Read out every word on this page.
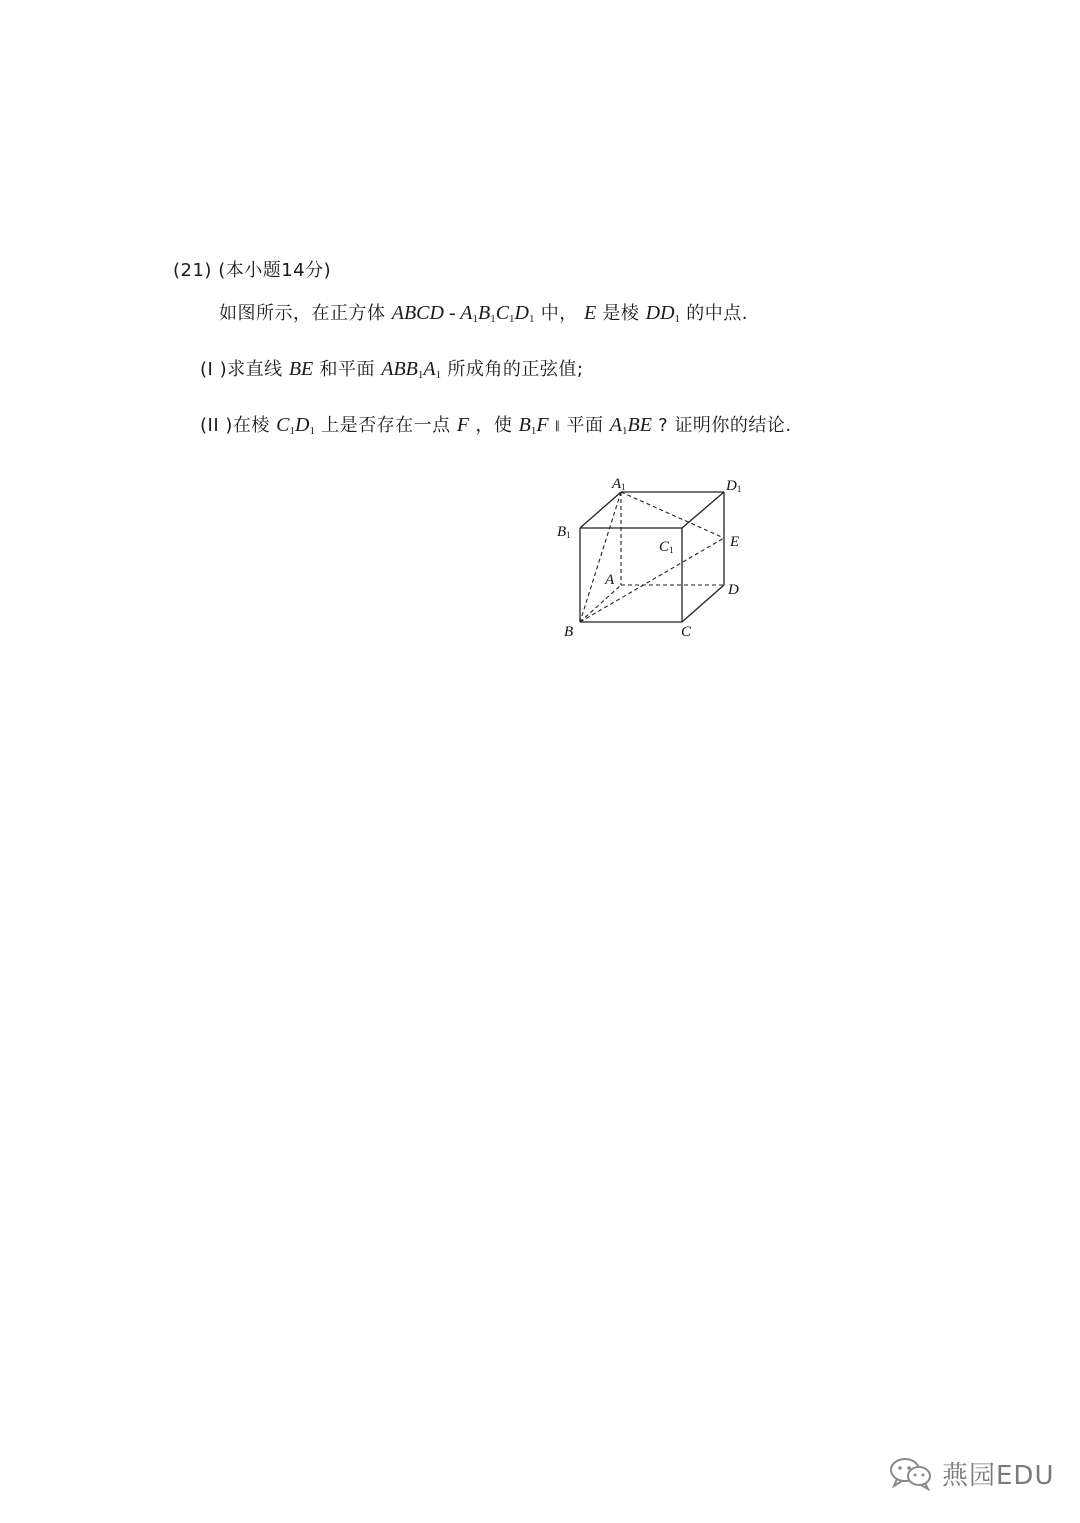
(21) (本小题14分)
如图所示，在正方体 ABCD - $A_1B_1C_1D_1$ 中， E 是棱 $DD_1$ 的中点.
(I )求直线 BE 和平面 $ABB_1A_1$ 所成角的正弦值;
(II )在棱 $C_1D_1$ 上是否存在一点 F ，使 $B_1F$ ∥ 平面 $A_1BE$ ? 证明你的结论.
A1	D1
B1
C1	E
A
D
B	C
燕园EDU
